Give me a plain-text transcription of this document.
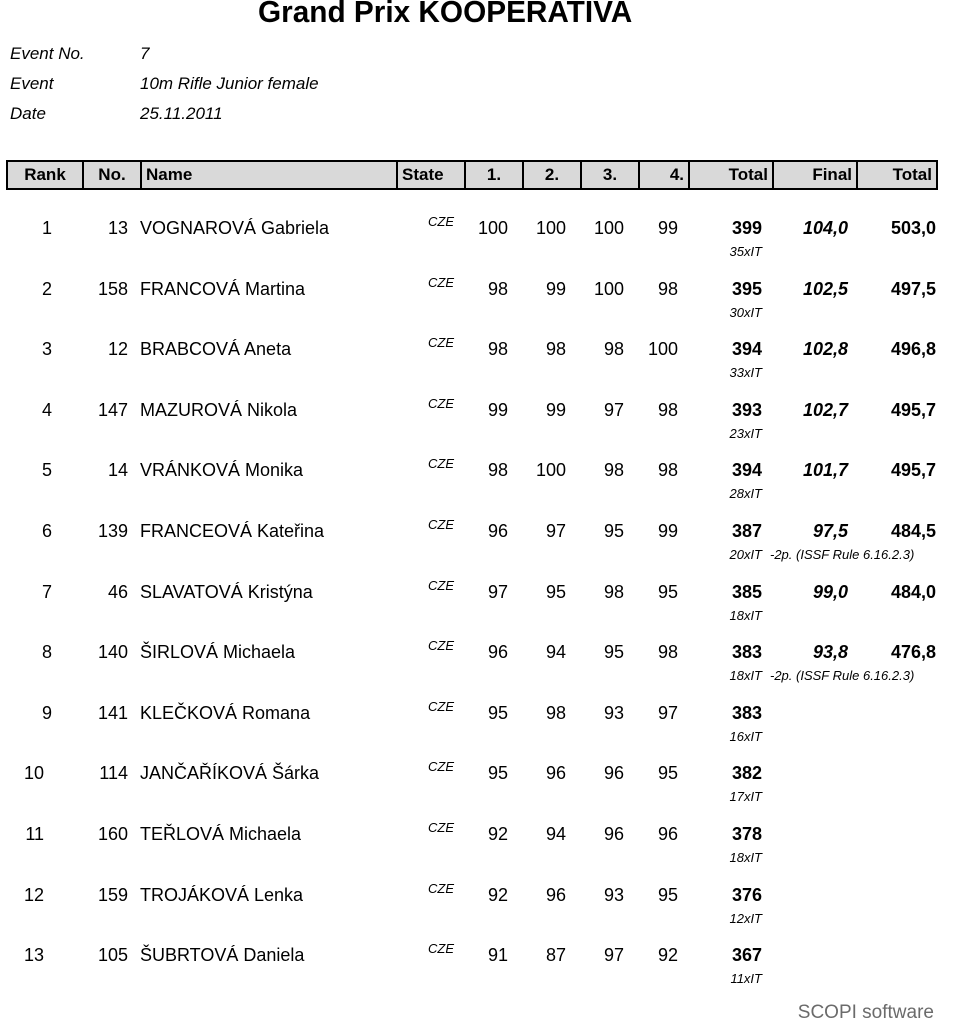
Grand Prix KOOPERATIVA
Event No.	7
Event	10m Rifle Junior female
Date	25.11.2011
Rank	No.	Name	State	1.	2.	3.	4.	Total	Final	Total
1	13 VOGNAROVÁ Gabriela	CZE	100	100	100	99	399	104,0	503,0
35xIT
2	158 FRANCOVÁ Martina	CZE	98	99	100	98	395	102,5	497,5
30xIT
3	12 BRABCOVÁ Aneta	CZE	98	98	98	100	394	102,8	496,8
33xIT
4	147 MAZUROVÁ Nikola	CZE	99	99	97	98	393	102,7	495,7
23xIT
5	14 VRÁNKOVÁ Monika	CZE	98	100	98	98	394	101,7	495,7
28xIT
6	139 FRANCEOVÁ Kateřina	CZE	96	97	95	99	387	97,5	484,5
20xIT -2p. (ISSF Rule 6.16.2.3)
7	46 SLAVATOVÁ Kristýna	CZE	97	95	98	95	385	99,0	484,0
18xIT
8	140 ŠIRLOVÁ Michaela	CZE	96	94	95	98	383	93,8	476,8
18xIT -2p. (ISSF Rule 6.16.2.3)
9	141 KLEČKOVÁ Romana	CZE	95	98	93	97	383
16xIT
10	114 JANČAŘÍKOVÁ Šárka	CZE	95	96	96	95	382
17xIT
11	160 TEŘLOVÁ Michaela	CZE	92	94	96	96	378
18xIT
12	159 TROJÁKOVÁ Lenka	CZE	92	96	93	95	376
12xIT
13	105 ŠUBRTOVÁ Daniela	CZE	91	87	97	92	367
11xIT
SCOPI software
